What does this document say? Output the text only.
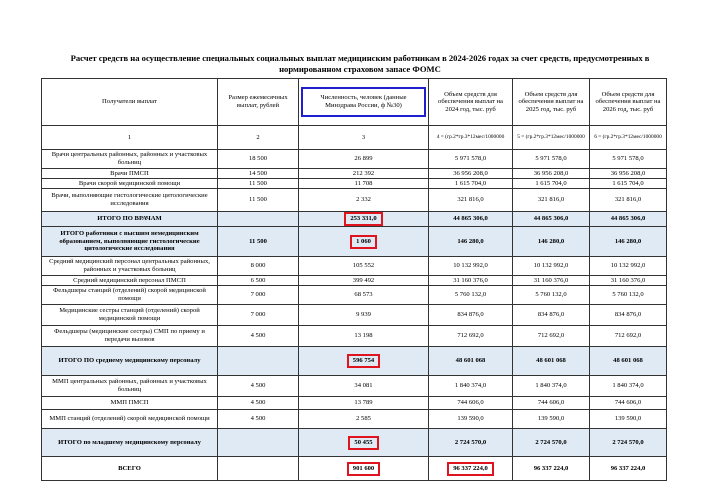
Расчет средств на осуществление специальных социальных выплат медицинским работникам в 2024-2026 годах за счет средств, предусмотренных в нормированном страховом запасе ФОМС
Получатели выплат	Размер ежемесячных выплат, рублей	Численность, человек (данные Минздрава России, ф №30)	Объем средств для обеспечения выплат на 2024 год, тыс. руб	Объем средств для обеспечения выплат на 2025 год, тыс. руб	Объем средств для обеспечения выплат на 2026 год, тыс. руб
1	2	3	4 = (гр.2*гр.3*12мес/1000000	5 = (гр.2*гр.3*12мес/1000000	6 = (гр.2*гр.3*12мес/1000000
Врачи центральных районных, районных и участковых больниц	18 500	26 899	5 971 578,0	5 971 578,0	5 971 578,0
Врачи ПМСП	14 500	212 392	36 956 208,0	36 956 208,0	36 956 208,0
Врачи скорой медицинской помощи	11 500	11 708	1 615 704,0	1 615 704,0	1 615 704,0
Врачи, выполняющие гистологические цитологические исследования	11 500	2 332	321 816,0	321 816,0	321 816,0
ИТОГО ПО ВРАЧАМ		253 331,0	44 865 306,0	44 865 306,0	44 865 306,0
ИТОГО работники с высшим немедицинским образованием, выполняющие гистологические цитологические исследования	11 500	1 060	146 280,0	146 280,0	146 280,0
Средний медицинский персонал центральных районных, районных и участковых больниц	8 000	105 552	10 132 992,0	10 132 992,0	10 132 992,0
Средний медицинский персонал ПМСП	6 500	399 492	31 160 376,0	31 160 376,0	31 160 376,0
Фельдшеры станций (отделений) скорой медицинской помощи	7 000	68 573	5 760 132,0	5 760 132,0	5 760 132,0
Медицинские сестры станций (отделений) скорой медицинской помощи	7 000	9 939	834 876,0	834 876,0	834 876,0
Фельдшеры (медицинские сестры) СМП по приему и передачи вызовов	4 500	13 198	712 692,0	712 692,0	712 692,0
ИТОГО ПО среднему медицинскому персоналу		596 754	48 601 068	48 601 068	48 601 068
ММП центральных районных, районных и участковых больниц	4 500	34 081	1 840 374,0	1 840 374,0	1 840 374,0
ММП ПМСП	4 500	13 789	744 606,0	744 606,0	744 606,0
ММП станций (отделений) скорой медицинской помощи	4 500	2 585	139 590,0	139 590,0	139 590,0
ИТОГО по младшему медицинскому персоналу		50 455	2 724 570,0	2 724 570,0	2 724 570,0
ВСЕГО		901 600	96 337 224,0	96 337 224,0	96 337 224,0
